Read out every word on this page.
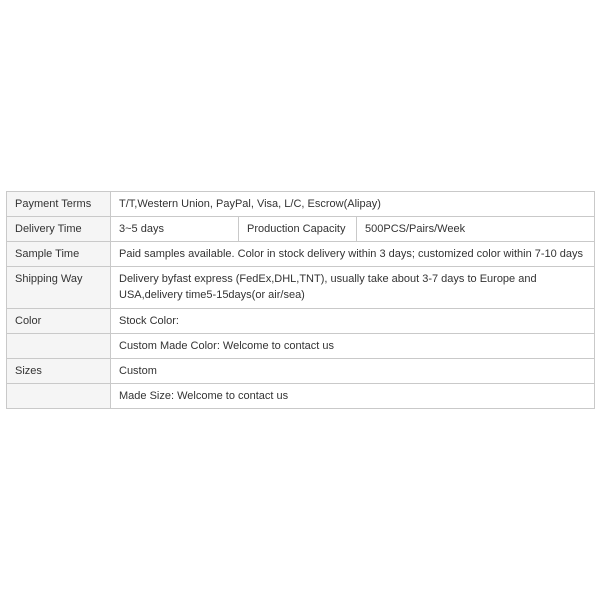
Payment Terms	T/T,Western Union, PayPal, Visa, L/C, Escrow(Alipay)		
Delivery Time	3~5 days	Production Capacity	500PCS/Pairs/Week
Sample Time	Paid samples available. Color in stock delivery within 3 days; customized color within 7-10 days		
Shipping Way	Delivery byfast express (FedEx,DHL,TNT), usually take about 3-7 days to Europe and USA,delivery time5-15days(or air/sea)		
Color	Stock Color:		
	Custom Made Color: Welcome to contact us		
Sizes	Custom		
	Made Size: Welcome to contact us		
